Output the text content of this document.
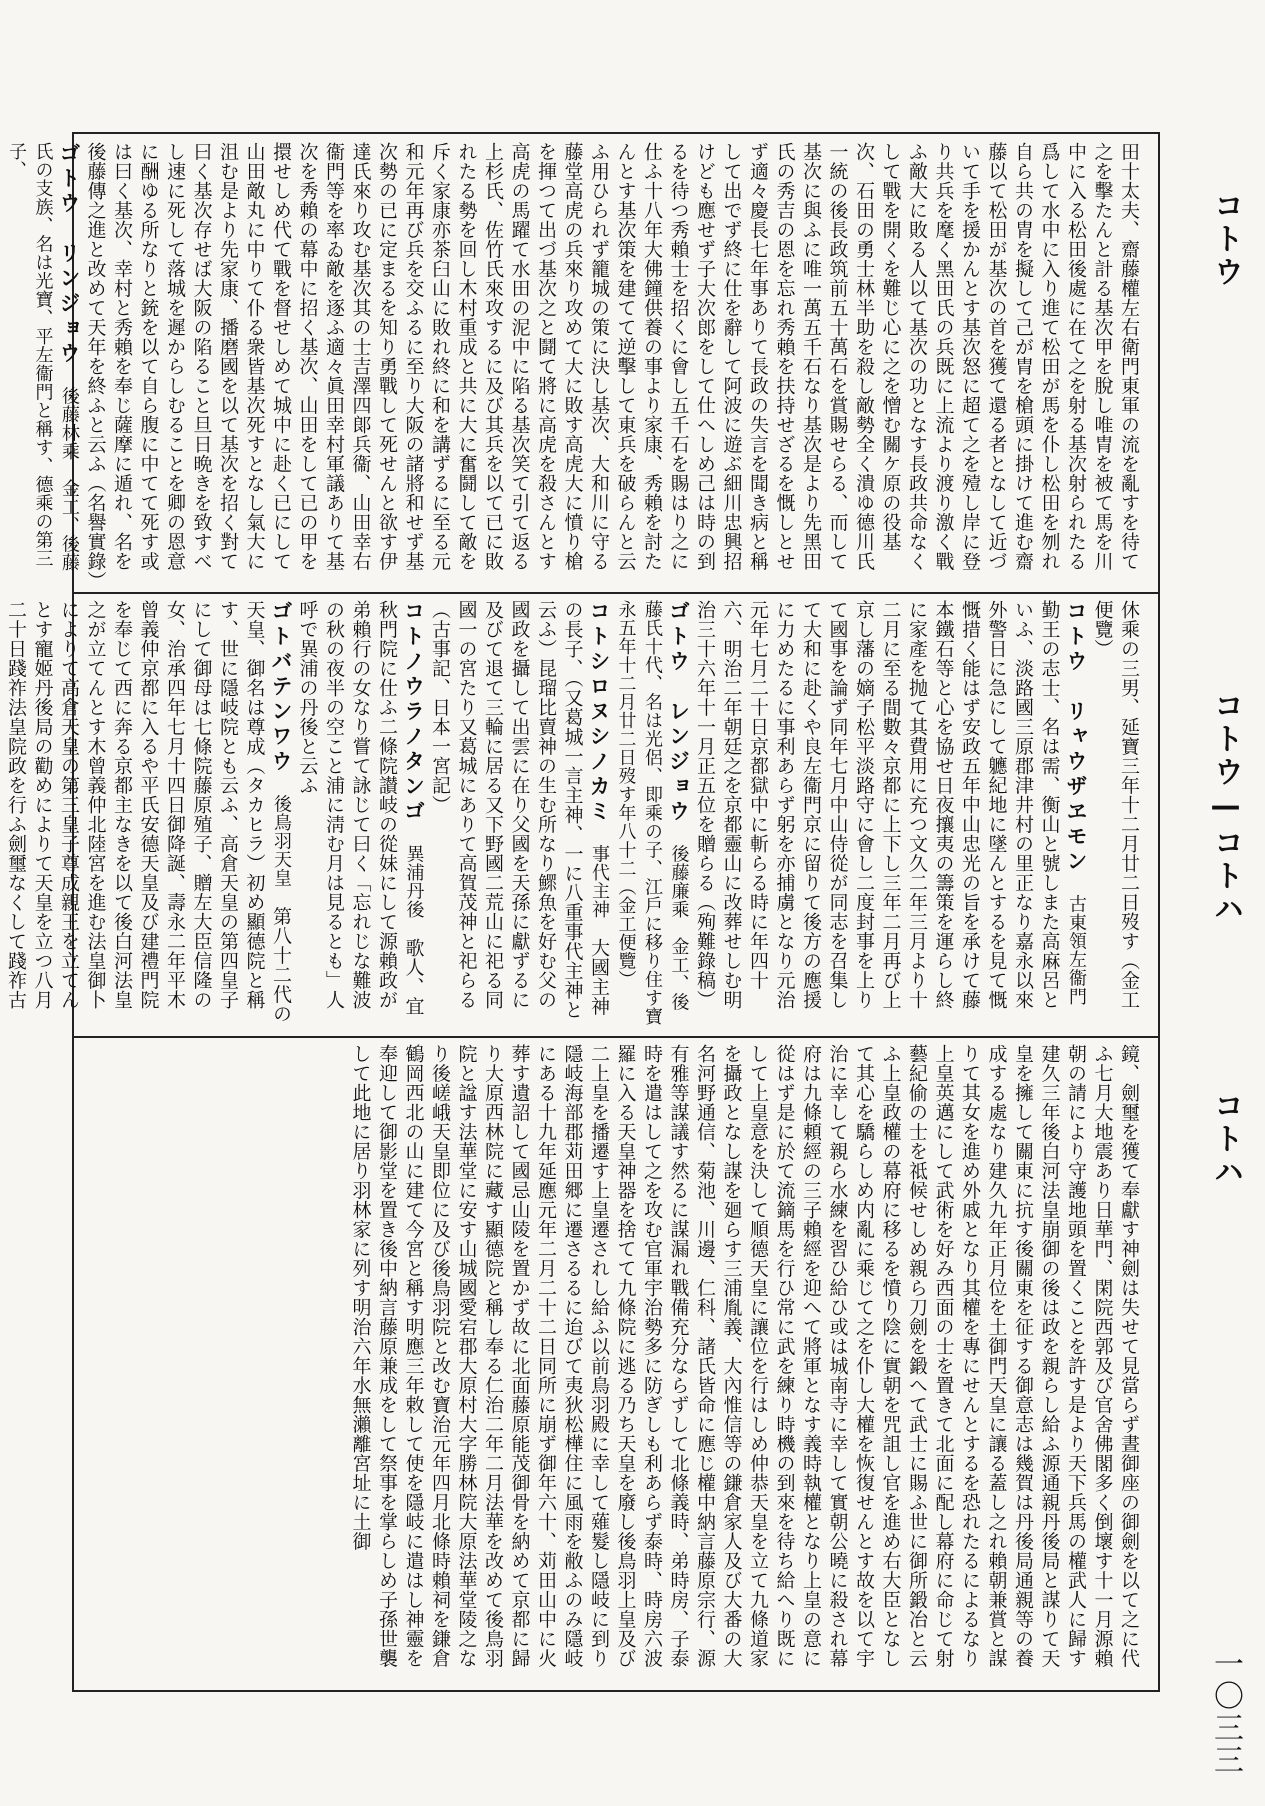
コトウ
コトウ—コトハ
コトハ
一〇三三

田十太夫、齋藤權左右衛門東軍の流を亂すを待て之を擊たんと計る基次甲を脫し唯胄を被て馬を川中に入る松田後處に在て之を射る基次射られたる爲して水中に入り進て松田が馬を仆し松田を刎れ自ら共の胄を擬して己が胄を槍頭に掛けて進む齋藤以て松田が基次の首を獲て還る者となして近づいて手を援かんとす基次怒に超て之を殪し岸に登り共兵を麾く黑田氏の兵既に上流より渡り激く戰ふ敵大に敗る人以て基次の功となす長政共命なくして戰を開くを難じ心に之を憎む關ケ原の役基次、石田の勇士林半助を殺し敵勢全く潰ゆ德川氏一統の後長政筑前五十萬石を賞賜せらる、而して基次に與ふに唯一萬五千石なり基次是より先黑田氏の秀吉の恩を忘れ秀賴を扶持せざるを慨しとせず適々慶長七年事ありて長政の失言を聞き病と稱して出でず終に仕を辭して阿波に遊ぶ細川忠興招けども應せず子大次郎をして仕へしめ己は時の到るを待つ秀賴士を招くに會し五千石を賜はり之に仕ふ十八年大佛鐘供養の事より家康、秀賴を討たんとす基次策を建てて逆擊して東兵を破らんと云ふ用ひられず籠城の策に決し基次、大和川に守る藤堂高虎の兵來り攻めて大に敗す高虎大に憤り槍を揮つて出づ基次之と鬪て將に高虎を殺さんとす高虎の馬躍て水田の泥中に陷る基次笑て引て返る上杉氏、佐竹氏來攻するに及び其兵を以て已に敗れたる勢を回し木村重成と共に大に奮鬪して敵を斥く家康亦茶臼山に敗れ終に和を講ずるに至る元和元年再び兵を交ふるに至り大阪の諸將和せず基次勢の已に定まるを知り勇戰して死せんと欲す伊達氏來り攻む基次其の士吉澤四郞兵衞、山田幸右衞門等を率ゐ敵を逐ふ適々眞田幸村軍議ありて基次を秀賴の幕中に招く基次、山田をして已の甲を擐せしめ代て戰を督せしめて城中に赴く已にして山田敵丸に中りて仆る衆皆基次死すとなし氣大に沮む是より先家康、播磨國を以て基次を招く對て曰く基次存せば大阪の陷ること旦日晩きを致すべし速に死して落城を遲からしむることを卿の恩意に酬ゆる所なりと銃を以て自ら腹に中てて死す或は曰く基次、幸村と秀賴を奉じ薩摩に遁れ、名を後藤傳之進と改めて天年を終ふと云ふ（名譽實錄）

ゴトウ　リンジョウ　後藤林乘　金工、後藤氏の支族、名は光寶、平左衞門と稱す、德乘の第三子、　

休乘の三男、延寶三年十二月廿二日歿す（金工便覽）

コトウ　リャウザヱモン　古東領左衞門　勤王の志士、名は需、衡山と號しまた高麻呂といふ、淡路國三原郡津井村の里正なり嘉永以來外警日に急にして軈紀地に墜んとするを見て慨慨措く能はず安政五年中山忠光の旨を承けて藤本鐵石等と心を協せ日夜攘夷の籌策を運らし終に家產を抛て其費用に充つ文久二年三月より十二月に至る間數々京都に上下し三年二月再び上京し藩の嫡子松平淡路守に會し二度封事を上りて國事を論ず同年七月中山侍從が同志を召集して大和に赴くや良左衞門京に留りて後方の應援に力めたるに事利あらず躬を亦捕虜となり元治元年七月二十日京都獄中に斬らる時に年四十六、明治二年朝廷之を京都靈山に改葬せしむ明治三十六年十一月正五位を贈らる（殉難錄稿）

ゴトウ　レンジョウ　後藤廉乘　金工、後藤氏十代、名は光侶、即乘の子、江戶に移り住す寶永五年十二月廿二日歿す年八十二（金工便覽）　

コトシロヌシノカミ　事代主神　大國主神の長子、（又葛城一言主神、一に八重事代主神と云ふ）昆瑠比賣神の生む所なり鰥魚を好む父の國政を攝して出雲に在り父國を天孫に獻ずるに及びて退て三輪に居る又下野國二荒山に祀る同國一の宮たり又葛城にありて高賀茂神と祀らる（古事記、日本一宮記）

コトノウラノタンゴ　異浦丹後　歌人、宜秋門院に仕ふ二條院讃岐の從妹にして源賴政が弟賴行の女なり嘗て詠じて曰く「忘れじな難波の秋の夜半の空こと浦に淸む月は見るとも」人呼で異浦の丹後と云ふ

ゴトバテンワウ　後鳥羽天皇　第八十二代の天皇、御名は尊成（タカヒラ）初め顯德院と稱す、世に隱岐院とも云ふ、高倉天皇の第四皇子にして御母は七條院藤原殖子、贈左大臣信隆の女、治承四年七月十四日御降誕、壽永二年平木曾義仲京都に入るや平氏安德天皇及び建禮門院を奉じて西に奔る京都主なきを以て後白河法皇之が立てんとす木曾義仲北陸宮を進む法皇御卜によりて高倉天皇の第三皇子尊成親王を立てんとす寵姬丹後局の勸めによりて天皇を立つ八月二十日踐祚法皇院政を行ふ劍璽なくして踐祚古

鏡、劍璽を獲て奉獻す神劍は失せて見當らず晝御座の御劍を以て之に代ふ七月大地震あり日華門、閑院西郭及び官舍佛閣多く倒壞す十一月源賴朝の請により守護地頭を置くことを許す是より天下兵馬の權武人に歸す建久三年後白河法皇崩御の後は政を親らし給ふ源通親丹後局と謀りて天皇を擁して關東に抗す後關東を征する御意志は幾賀は丹後局通親等の養成する處なり建久九年正月位を土御門天皇に讓る蓋し之れ賴朝兼賞と謀りて其女を進め外戚となり其權を專にせんとするを恐れたるによるなり上皇英邁にして武術を好み西面の士を置きて北面に配し幕府に命じて射藝紀偷の士を祗候せしめ親ら刀劍を鍛へて武士に賜ふ世に御所鍛冶と云ふ上皇政權の幕府に移るを憤り陰に實朝を咒詛し官を進め右大臣となして其心を驕らしめ内亂に乘じて之を仆し大權を恢復せんとす故を以て宇治に幸して親ら水練を習ひ給ひ或は城南寺に幸して實朝公曉に殺され幕府は九條頼經の三子賴經を迎へて將軍となす義時執權となり上皇の意に從はず是に於て流鏑馬を行ひ常に武を練り時機の到來を待ち給へり既にして上皇意を決して順德天皇に讓位を行はしめ仲恭天皇を立て九條道家を攝政となし謀を廻らす三浦胤義、大內惟信等の鎌倉家人及び大番の大名河野通信、菊池、川邊、仁科、諸氏皆命に應じ權中納言藤原宗行、源有雅等謀議す然るに謀漏れ戰備充分ならずして北條義時、弟時房、子泰時を遣はして之を攻む官軍宇治勢多に防ぎしも利あらず泰時、時房六波羅に入る天皇神器を捨てて九條院に逃る乃ち天皇を廢し後鳥羽上皇及び二上皇を播遷す上皇遷されし給ふ以前鳥羽殿に幸して薙髮し隱岐に到り隱岐海部郡苅田郷に遷さるるに迨びて夷狄松樺住に風雨を敝ふのみ隱岐にある十九年延應元年二月二十二日同所に崩ず御年六十、苅田山中に火葬す遺詔して國忌山陵を置かず故に北面藤原能茂御骨を納めて京都に歸り大原西林院に藏す顯德院と稱し奉る仁治二年二月法華を改めて後鳥羽院と諡す法華堂に安す山城國愛宕郡大原村大字勝林院大原法華堂陵之なり後嵯峨天皇即位に及び後鳥羽院と改む寶治元年四月北條時賴祠を鎌倉鶴岡西北の山に建て今宮と稱す明應三年敕して使を隱岐に遣はし神靈を奉迎して御影堂を置き後中納言藤原兼成をして祭事を掌らしめ子孫世襲して此地に居り羽林家に列す明治六年水無瀨離宮址に土御
